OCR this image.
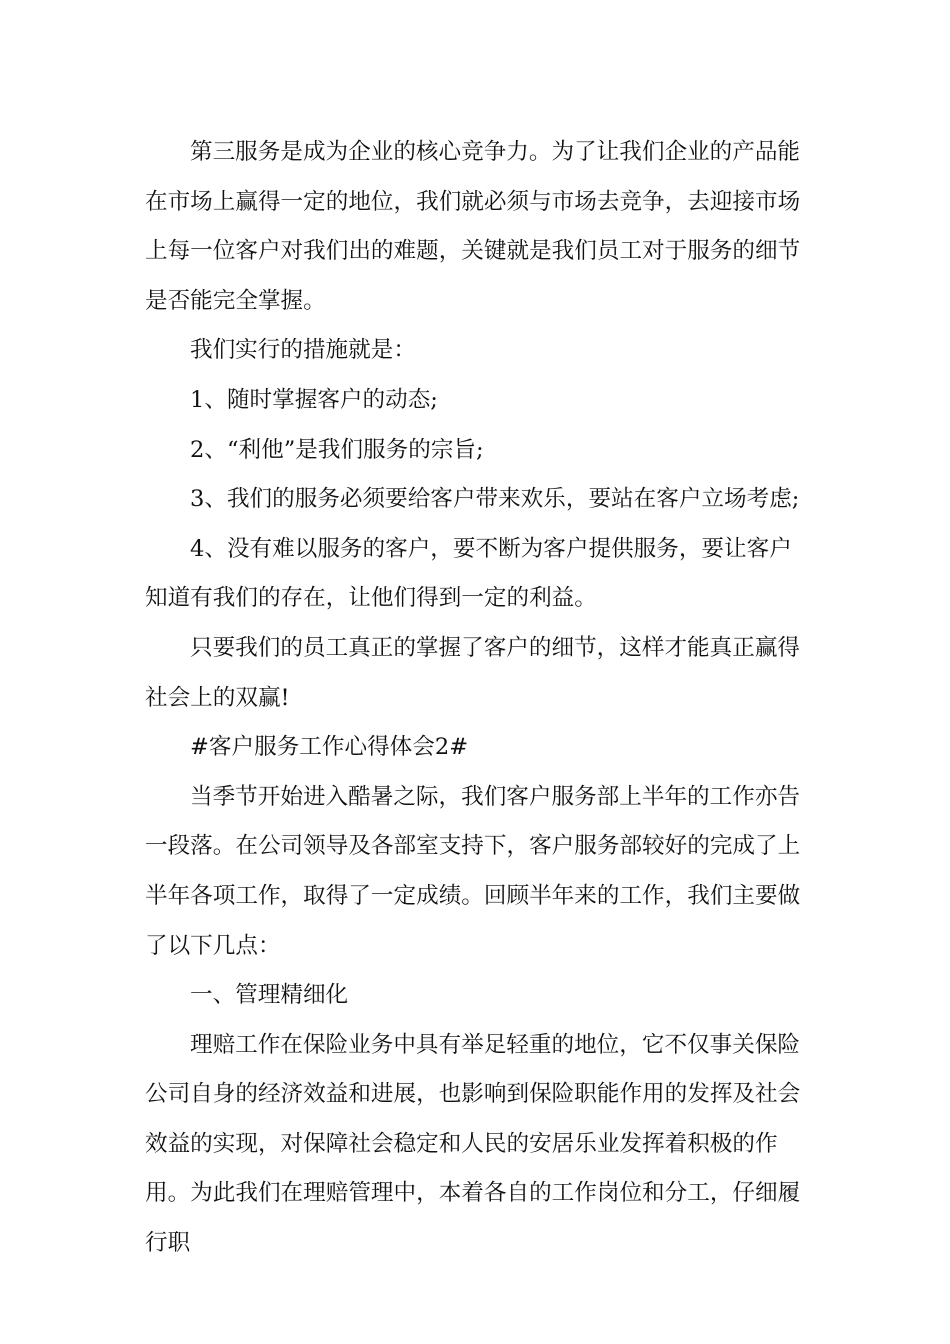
第三服务是成为企业的核心竞争力。为了让我们企业的产品能在市场上赢得一定的地位，我们就必须与市场去竞争，去迎接市场上每一位客户对我们出的难题，关键就是我们员工对于服务的细节是否能完全掌握。

我们实行的措施就是：

1、随时掌握客户的动态;

2、“利他”是我们服务的宗旨;

3、我们的服务必须要给客户带来欢乐，要站在客户立场考虑;

4、没有难以服务的客户，要不断为客户提供服务，要让客户知道有我们的存在，让他们得到一定的利益。

只要我们的员工真正的掌握了客户的细节，这样才能真正赢得社会上的双赢!

#客户服务工作心得体会2#

当季节开始进入酷暑之际，我们客户服务部上半年的工作亦告一段落。在公司领导及各部室支持下，客户服务部较好的完成了上半年各项工作，取得了一定成绩。回顾半年来的工作，我们主要做了以下几点：

一、管理精细化

理赔工作在保险业务中具有举足轻重的地位，它不仅事关保险公司自身的经济效益和进展，也影响到保险职能作用的发挥及社会效益的实现，对保障社会稳定和人民的安居乐业发挥着积极的作用。为此我们在理赔管理中，本着各自的工作岗位和分工，仔细履行职
